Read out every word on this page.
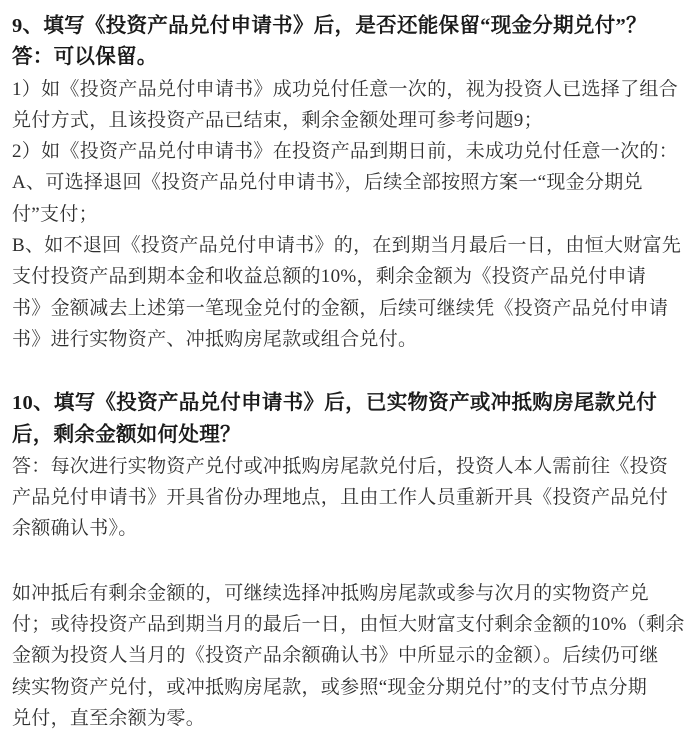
9、填写《投资产品兑付申请书》后，是否还能保留“现金分期兑付”？
答：可以保留。
1）如《投资产品兑付申请书》成功兑付任意一次的，视为投资人已选择了组合
兑付方式，且该投资产品已结束，剩余金额处理可参考问题9；
2）如《投资产品兑付申请书》在投资产品到期日前，未成功兑付任意一次的：
A、可选择退回《投资产品兑付申请书》，后续全部按照方案一“现金分期兑
付”支付；
B、如不退回《投资产品兑付申请书》的，在到期当月最后一日，由恒大财富先
支付投资产品到期本金和收益总额的10%，剩余金额为《投资产品兑付申请
书》金额减去上述第一笔现金兑付的金额，后续可继续凭《投资产品兑付申请
书》进行实物资产、冲抵购房尾款或组合兑付。
10、填写《投资产品兑付申请书》后，已实物资产或冲抵购房尾款兑付
后，剩余金额如何处理？
答：每次进行实物资产兑付或冲抵购房尾款兑付后，投资人本人需前往《投资
产品兑付申请书》开具省份办理地点，且由工作人员重新开具《投资产品兑付
余额确认书》。
如冲抵后有剩余金额的，可继续选择冲抵购房尾款或参与次月的实物资产兑
付；或待投资产品到期当月的最后一日，由恒大财富支付剩余金额的10%（剩余
金额为投资人当月的《投资产品余额确认书》中所显示的金额）。后续仍可继
续实物资产兑付，或冲抵购房尾款，或参照“现金分期兑付”的支付节点分期
兑付，直至余额为零。
